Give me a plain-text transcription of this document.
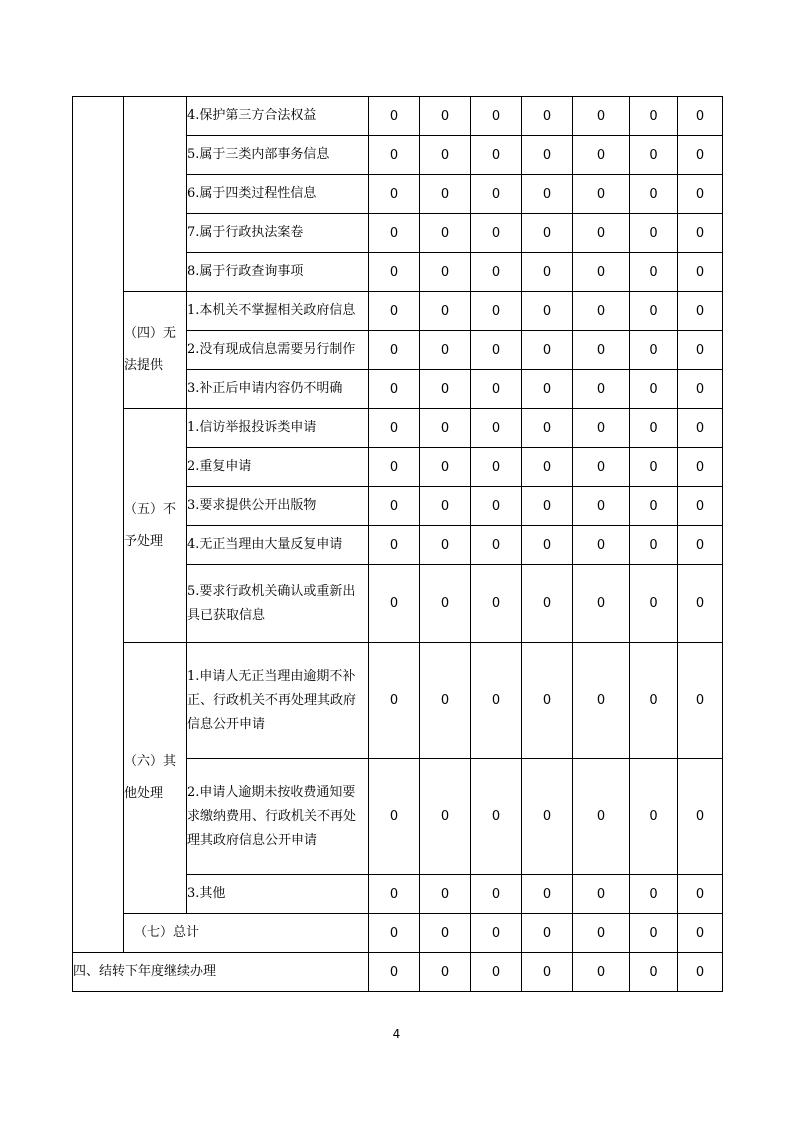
		4.保护第三方合法权益	0	0	0	0	0	0	0
		5.属于三类内部事务信息	0	0	0	0	0	0	0
		6.属于四类过程性信息	0	0	0	0	0	0	0
		7.属于行政执法案卷	0	0	0	0	0	0	0
		8.属于行政查询事项	0	0	0	0	0	0	0
	（四）无法提供	1.本机关不掌握相关政府信息	0	0	0	0	0	0	0
		2.没有现成信息需要另行制作	0	0	0	0	0	0	0
		3.补正后申请内容仍不明确	0	0	0	0	0	0	0
	（五）不予处理	1.信访举报投诉类申请	0	0	0	0	0	0	0
		2.重复申请	0	0	0	0	0	0	0
		3.要求提供公开出版物	0	0	0	0	0	0	0
		4.无正当理由大量反复申请	0	0	0	0	0	0	0
		5.要求行政机关确认或重新出具已获取信息	0	0	0	0	0	0	0
	（六）其他处理	1.申请人无正当理由逾期不补正、行政机关不再处理其政府信息公开申请	0	0	0	0	0	0	0
		2.申请人逾期未按收费通知要求缴纳费用、行政机关不再处理其政府信息公开申请	0	0	0	0	0	0	0
		3.其他	0	0	0	0	0	0	0
	（七）总计		0	0	0	0	0	0	0
四、结转下年度继续办理			0	0	0	0	0	0	0
4
